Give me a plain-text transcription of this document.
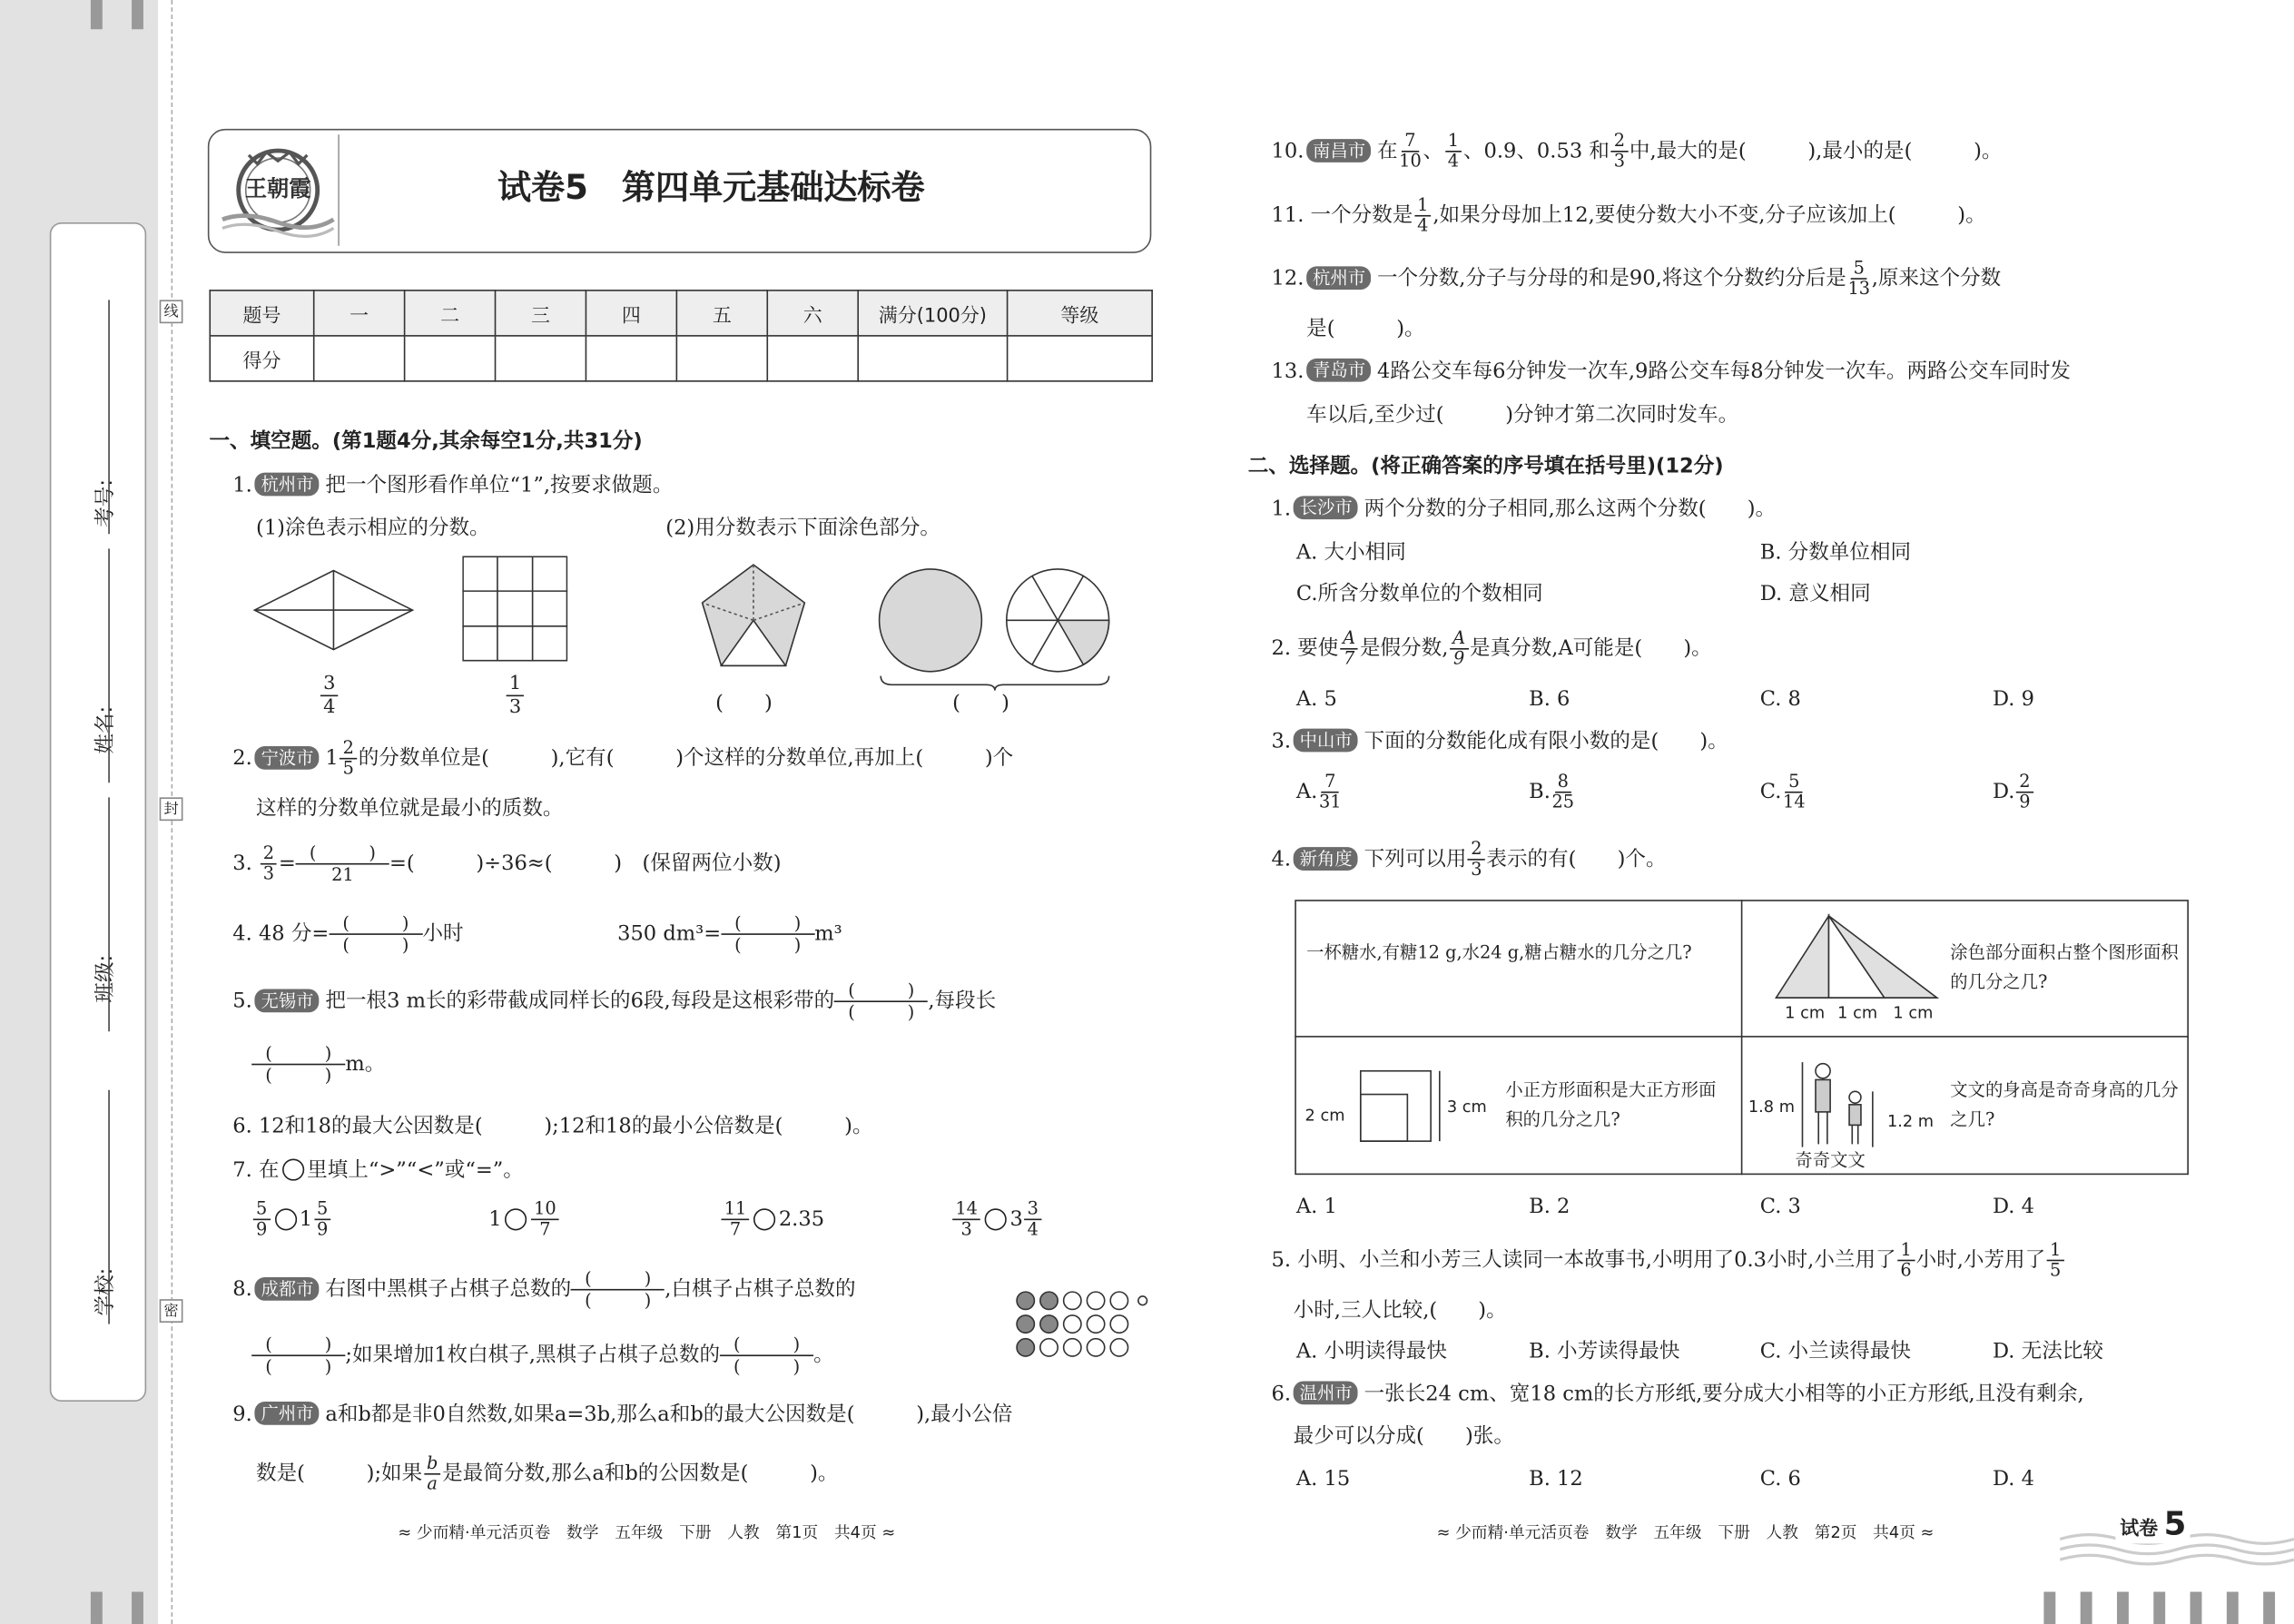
考号:
姓名:
班级:
学校:
线
封
密
王朝霞	试卷5　第四单元基础达标卷
题号	一	二	三	四	五	六	满分(100分)	等级
得分								
一、填空题。(第1题4分,其余每空1分,共31分)
1. 杭州市 把一个图形看作单位“1”,按要求做题。
(1)涂色表示相应的分数。	(2)用分数表示下面涂色部分。
3
4
1
3	(　　)	(　　)
2. 宁波市 $1 \frac{2}{5}$ 的分数单位是(　　　),它有(　　　)个这样的分数单位,再加上(　　　)个
这样的分数单位就是最小的质数。
3. $\frac{2}{3}$ =	(　　　)
21	=(　　　)÷36≈(　　　)　(保留两位小数)
4. 48 分=	(　　　)
(　　　)	小时	350 dm³=	(　　　)
(　　　)	m³
5. 无锡市 把一根3 m长的彩带截成同样长的6段,每段是这根彩带的	(　　　)
(　　　)	,每段长
(　　　)
(　　　)	m。
6. 12和18的最大公因数是(　　　);12和18的最小公倍数是(　　　)。
7. 在 里填上“>”“<”或“=”。
$\frac{5}{9} 1 \frac{5}{9}$	1	$\frac{10}{7}$	$\frac{11}{7} 2.35$	$\frac{14}{3} 3 \frac{3}{4}$
8. 成都市 右图中黑棋子占棋子总数的	(　　　)
(　　　)	,白棋子占棋子总数的
(　　　)
(　　　)	;如果增加1枚白棋子,黑棋子占棋子总数的	(　　　)
(　　　)	。
9. 广州市 a和b都是非0自然数,如果a=3b,那么a和b的最大公因数是(　　　),最小公倍
数是(　　　);如果 $\frac{b}{a}$ 是最简分数,那么a和b的公因数是(　　　)。
≈ 少而精·单元活页卷　数学　五年级　下册　人教　第1页　共4页 ≈
10. 南昌市 在 $\frac{7}{10}$ 、 $\frac{1}{4}$ 、0.9、0.53 和 $\frac{2}{3}$ 中,最大的是(　　　),最小的是(　　　)。
11. 一个分数是 $\frac{1}{4}$ ,如果分母加上12,要使分数大小不变,分子应该加上(　　　)。
12. 杭州市 一个分数,分子与分母的和是90,将这个分数约分后是 $\frac{5}{13}$ ,原来这个分数
是(　　　)。
13. 青岛市 4路公交车每6分钟发一次车,9路公交车每8分钟发一次车。两路公交车同时发
车以后,至少过(　　　)分钟才第二次同时发车。
二、选择题。(将正确答案的序号填在括号里)(12分)
1. 长沙市 两个分数的分子相同,那么这两个分数(　　)。
A. 大小相同	B. 分数单位相同
C.所含分数单位的个数相同	D. 意义相同
2. 要使 $\frac{A}{7}$ 是假分数, $\frac{A}{9}$ 是真分数,A可能是(　　)。
A. 5	B. 6	C. 8	D. 9
3. 中山市 下面的分数能化成有限小数的是(　　)。
A. $\frac{7}{31}$	B. $\frac{8}{25}$	C. $\frac{5}{14}$	D. $\frac{2}{9}$
4. 新角度 下列可以用 $\frac{2}{3}$ 表示的有(　　)个。
一杯糖水,有糖12 g,水24 g,糖占糖水的几分之几?
1 cm 1 cm 1 cm
涂色部分面积占整个图形面积的几分之几?
2 cm	3 cm
小正方形面积是大正方形面积的几分之几?
1.8 m
1.2 m
奇奇文文
文文的身高是奇奇身高的几分之几?
A. 1	B. 2	C. 3	D. 4
5. 小明、小兰和小芳三人读同一本故事书,小明用了0.3小时,小兰用了 $\frac{1}{6}$ 小时,小芳用了 $\frac{1}{5}$
小时,三人比较,(　　)。
A. 小明读得最快	B. 小芳读得最快	C. 小兰读得最快	D. 无法比较
6. 温州市 一张长24 cm、宽18 cm的长方形纸,要分成大小相等的小正方形纸,且没有剩余,
最少可以分成(　　)张。
A. 15	B. 12	C. 6	D. 4
≈ 少而精·单元活页卷　数学　五年级　下册　人教　第2页　共4页 ≈	试卷 5
